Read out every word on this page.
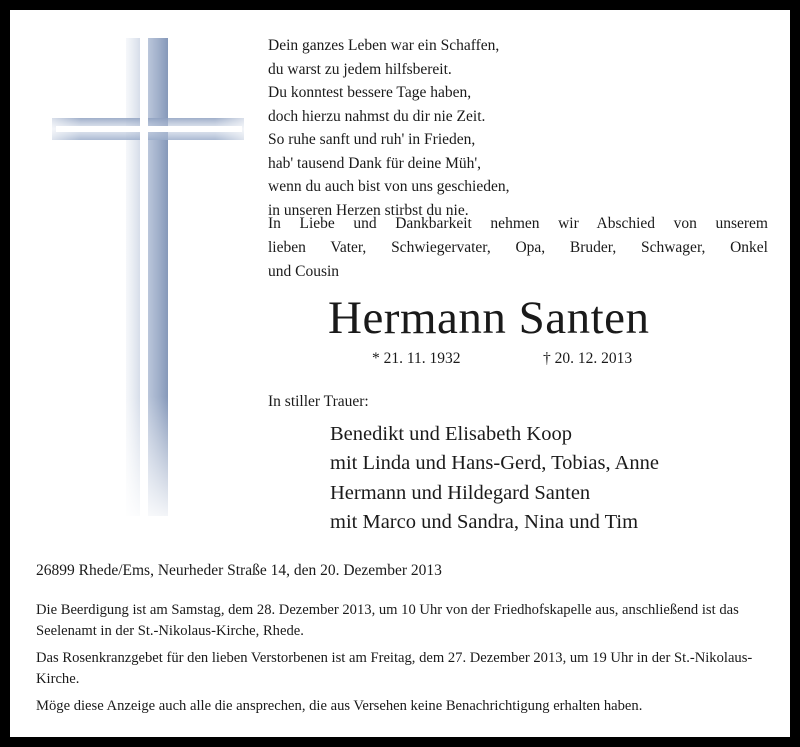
Dein ganzes Leben war ein Schaffen,
du warst zu jedem hilfsbereit.
Du konntest bessere Tage haben,
doch hierzu nahmst du dir nie Zeit.
So ruhe sanft und ruh' in Frieden,
hab' tausend Dank für deine Müh',
wenn du auch bist von uns geschieden,
in unseren Herzen stirbst du nie.
In Liebe und Dankbarkeit nehmen wir Abschied von unserem
lieben Vater, Schwiegervater, Opa, Bruder, Schwager, Onkel
und Cousin
Hermann Santen
* 21. 11. 1932	† 20. 12. 2013
In stiller Trauer:
Benedikt und Elisabeth Koop
mit Linda und Hans-Gerd, Tobias, Anne
Hermann und Hildegard Santen
mit Marco und Sandra, Nina und Tim
26899 Rhede/Ems, Neurheder Straße 14, den 20. Dezember 2013

Die Beerdigung ist am Samstag, dem 28. Dezember 2013, um 10 Uhr von der Friedhofskapelle aus, anschließend ist das Seelenamt in der St.-Nikolaus-Kirche, Rhede.

Das Rosenkranzgebet für den lieben Verstorbenen ist am Freitag, dem 27. Dezember 2013, um 19 Uhr in der St.-Nikolaus-Kirche.

Möge diese Anzeige auch alle die ansprechen, die aus Versehen keine Benachrichtigung erhalten haben.
